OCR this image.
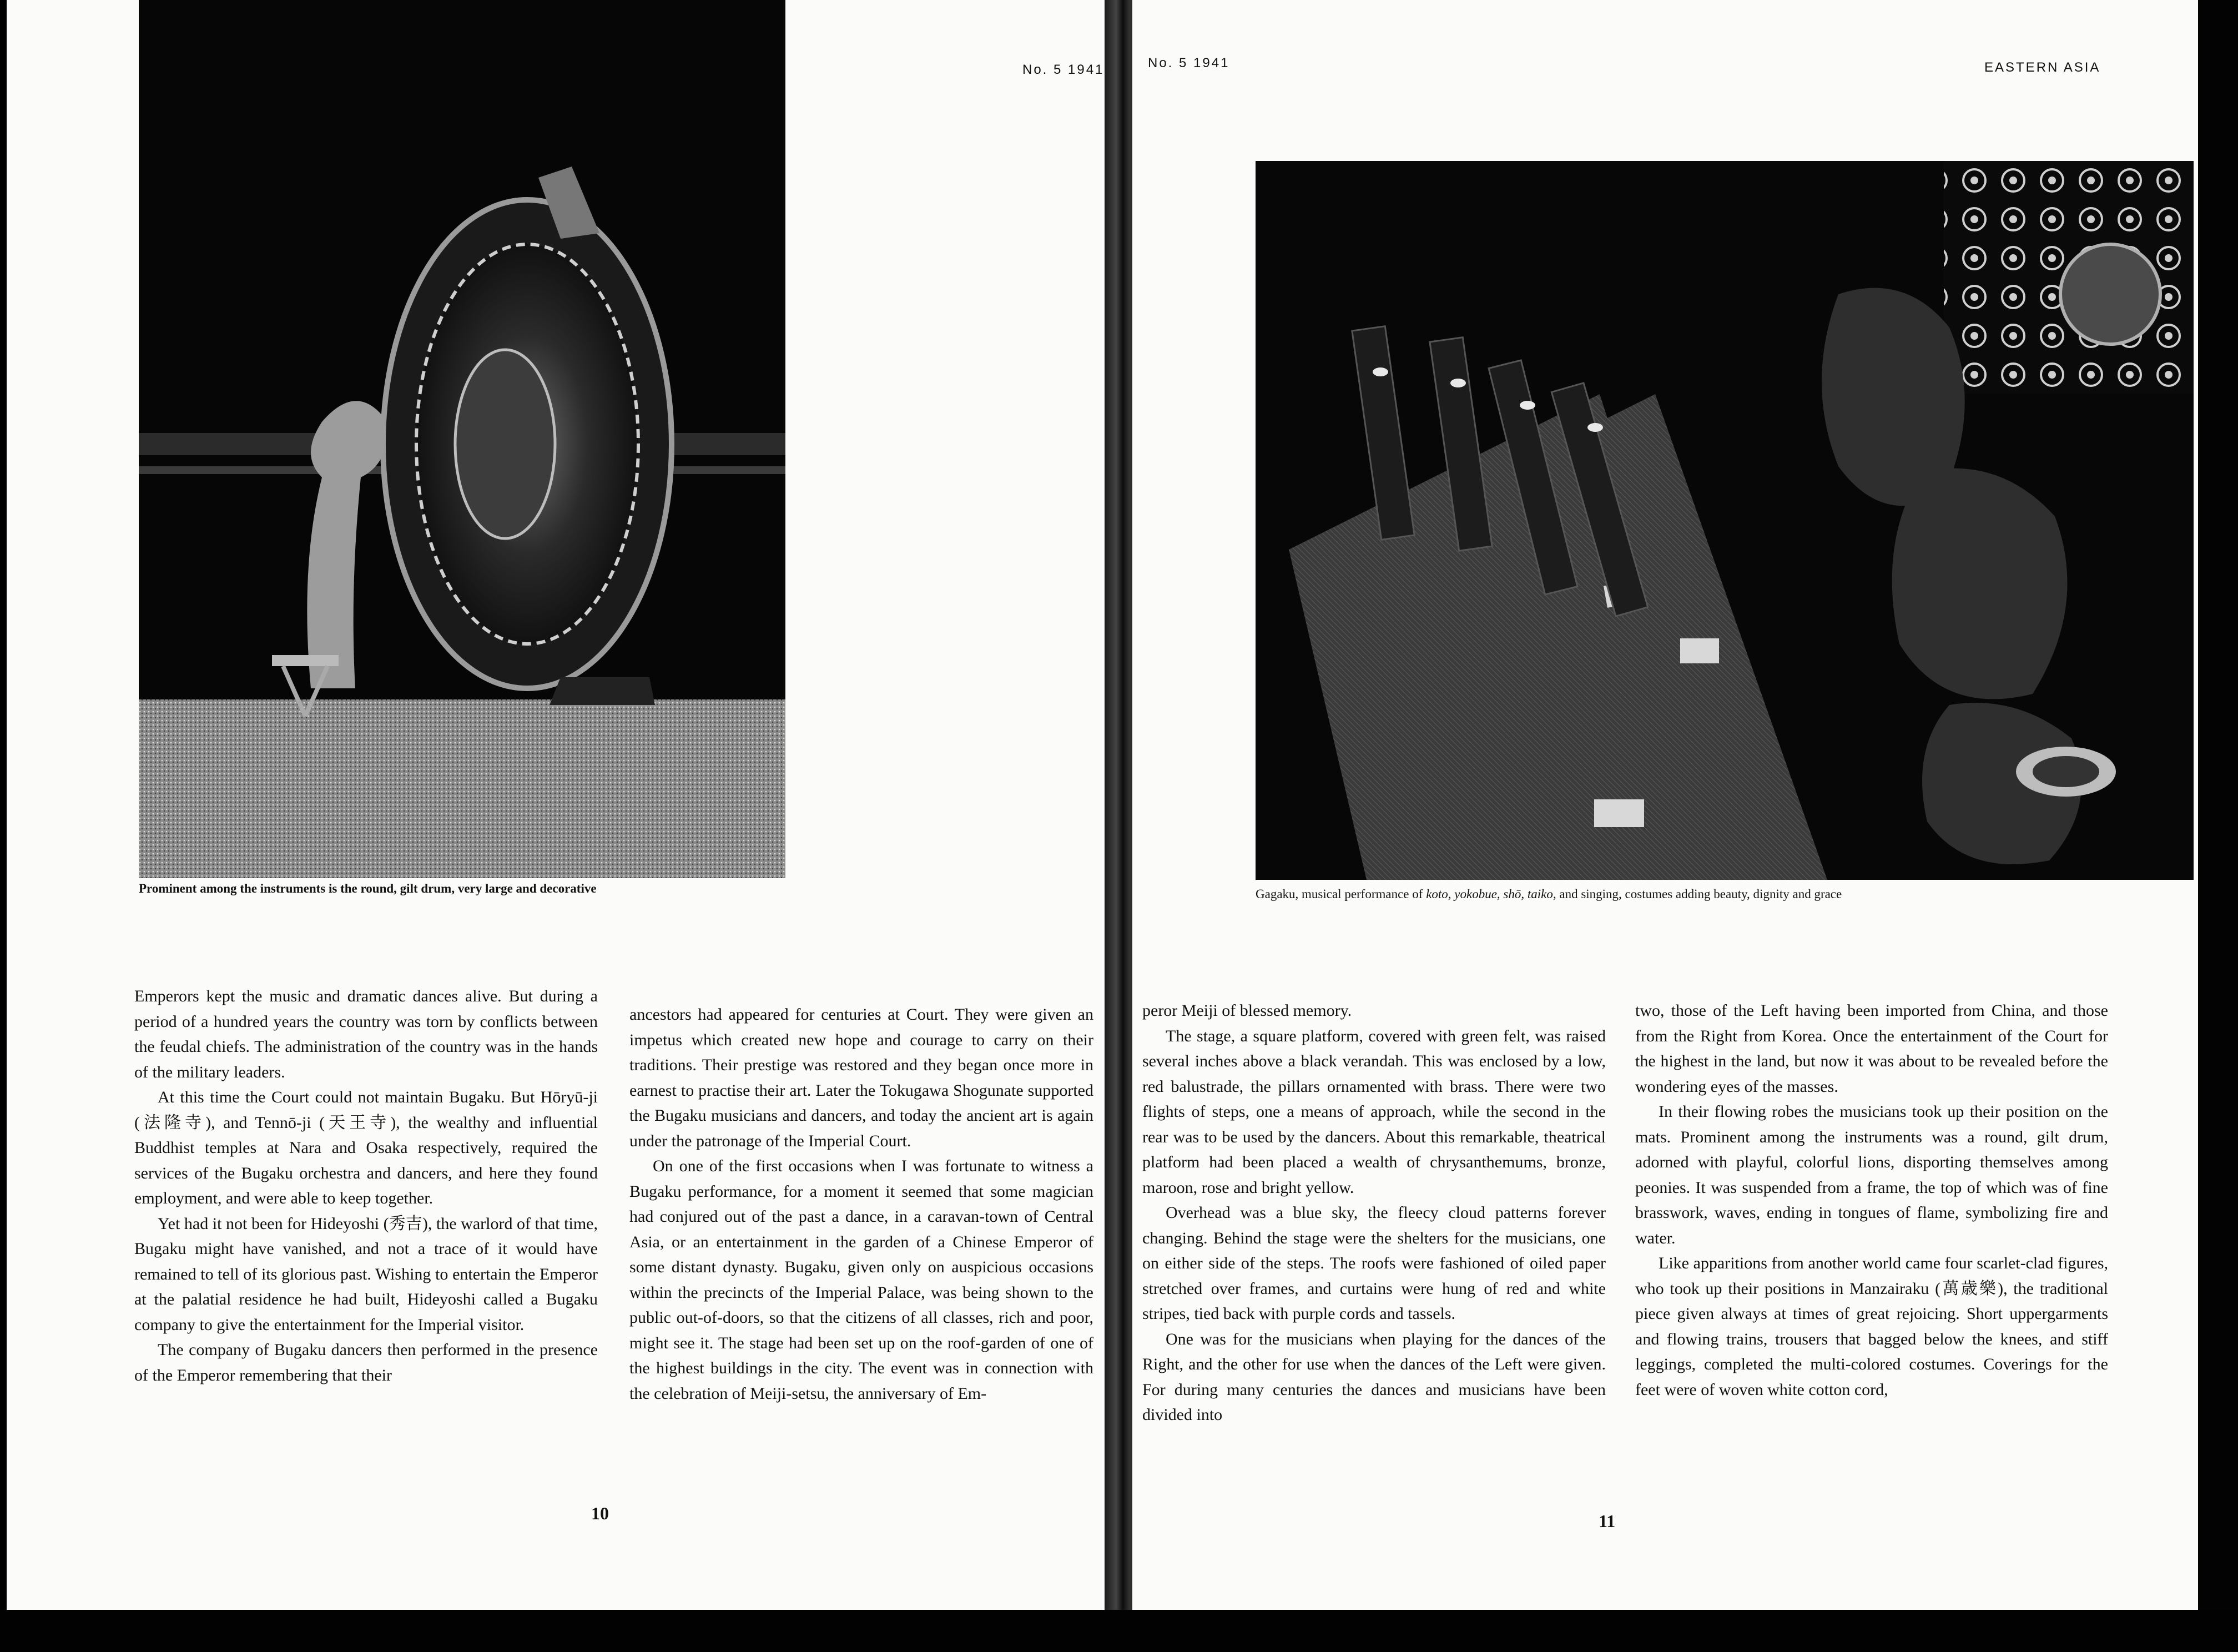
No. 5 1941
Prominent among the instruments is the round, gilt drum, very large and decorative

Emperors kept the music and dramatic dances alive. But during a period of a hundred years the country was torn by conflicts between the feudal chiefs. The administration of the country was in the hands of the military leaders.

At this time the Court could not maintain Bugaku. But Hōryū-ji (法隆寺), and Tennō-ji (天王寺), the wealthy and influential Buddhist temples at Nara and Osaka respectively, required the services of the Bugaku orchestra and dancers, and here they found employment, and were able to keep together.

Yet had it not been for Hideyoshi (秀吉), the warlord of that time, Bugaku might have vanished, and not a trace of it would have remained to tell of its glorious past. Wishing to entertain the Emperor at the palatial residence he had built, Hideyoshi called a Bugaku company to give the entertainment for the Imperial visitor.

The company of Bugaku dancers then performed in the presence of the Emperor remembering that their

ancestors had appeared for centuries at Court. They were given an impetus which created new hope and courage to carry on their traditions. Their prestige was restored and they began once more in earnest to practise their art. Later the Tokugawa Shogunate supported the Bugaku musicians and dancers, and today the ancient art is again under the patronage of the Imperial Court.

On one of the first occasions when I was fortunate to witness a Bugaku performance, for a moment it seemed that some magician had conjured out of the past a dance, in a caravan-town of Central Asia, or an entertainment in the garden of a Chinese Emperor of some distant dynasty. Bugaku, given only on auspicious occasions within the precincts of the Imperial Palace, was being shown to the public out-of-doors, so that the citizens of all classes, rich and poor, might see it. The stage had been set up on the roof-garden of one of the highest buildings in the city. The event was in connection with the celebration of Meiji-setsu, the anniversary of Em-

10
No. 5 1941	EASTERN ASIA
Gagaku, musical performance of koto, yokobue, shō, taiko, and singing, costumes adding beauty, dignity and grace

peror Meiji of blessed memory.

The stage, a square platform, covered with green felt, was raised several inches above a black verandah. This was enclosed by a low, red balustrade, the pillars ornamented with brass. There were two flights of steps, one a means of approach, while the second in the rear was to be used by the dancers. About this remarkable, theatrical platform had been placed a wealth of chrysanthemums, bronze, maroon, rose and bright yellow.

Overhead was a blue sky, the fleecy cloud patterns forever changing. Behind the stage were the shelters for the musicians, one on either side of the steps. The roofs were fashioned of oiled paper stretched over frames, and curtains were hung of red and white stripes, tied back with purple cords and tassels.

One was for the musicians when playing for the dances of the Right, and the other for use when the dances of the Left were given. For during many centuries the dances and musicians have been divided into

two, those of the Left having been imported from China, and those from the Right from Korea. Once the entertainment of the Court for the highest in the land, but now it was about to be revealed before the wondering eyes of the masses.

In their flowing robes the musicians took up their position on the mats. Prominent among the instruments was a round, gilt drum, adorned with playful, colorful lions, disporting themselves among peonies. It was suspended from a frame, the top of which was of fine brasswork, waves, ending in tongues of flame, symbolizing fire and water.

Like apparitions from another world came four scarlet-clad figures, who took up their positions in Manzairaku (萬歳樂), the traditional piece given always at times of great rejoicing. Short uppergarments and flowing trains, trousers that bagged below the knees, and stiff leggings, completed the multi-colored costumes. Coverings for the feet were of woven white cotton cord,

11
